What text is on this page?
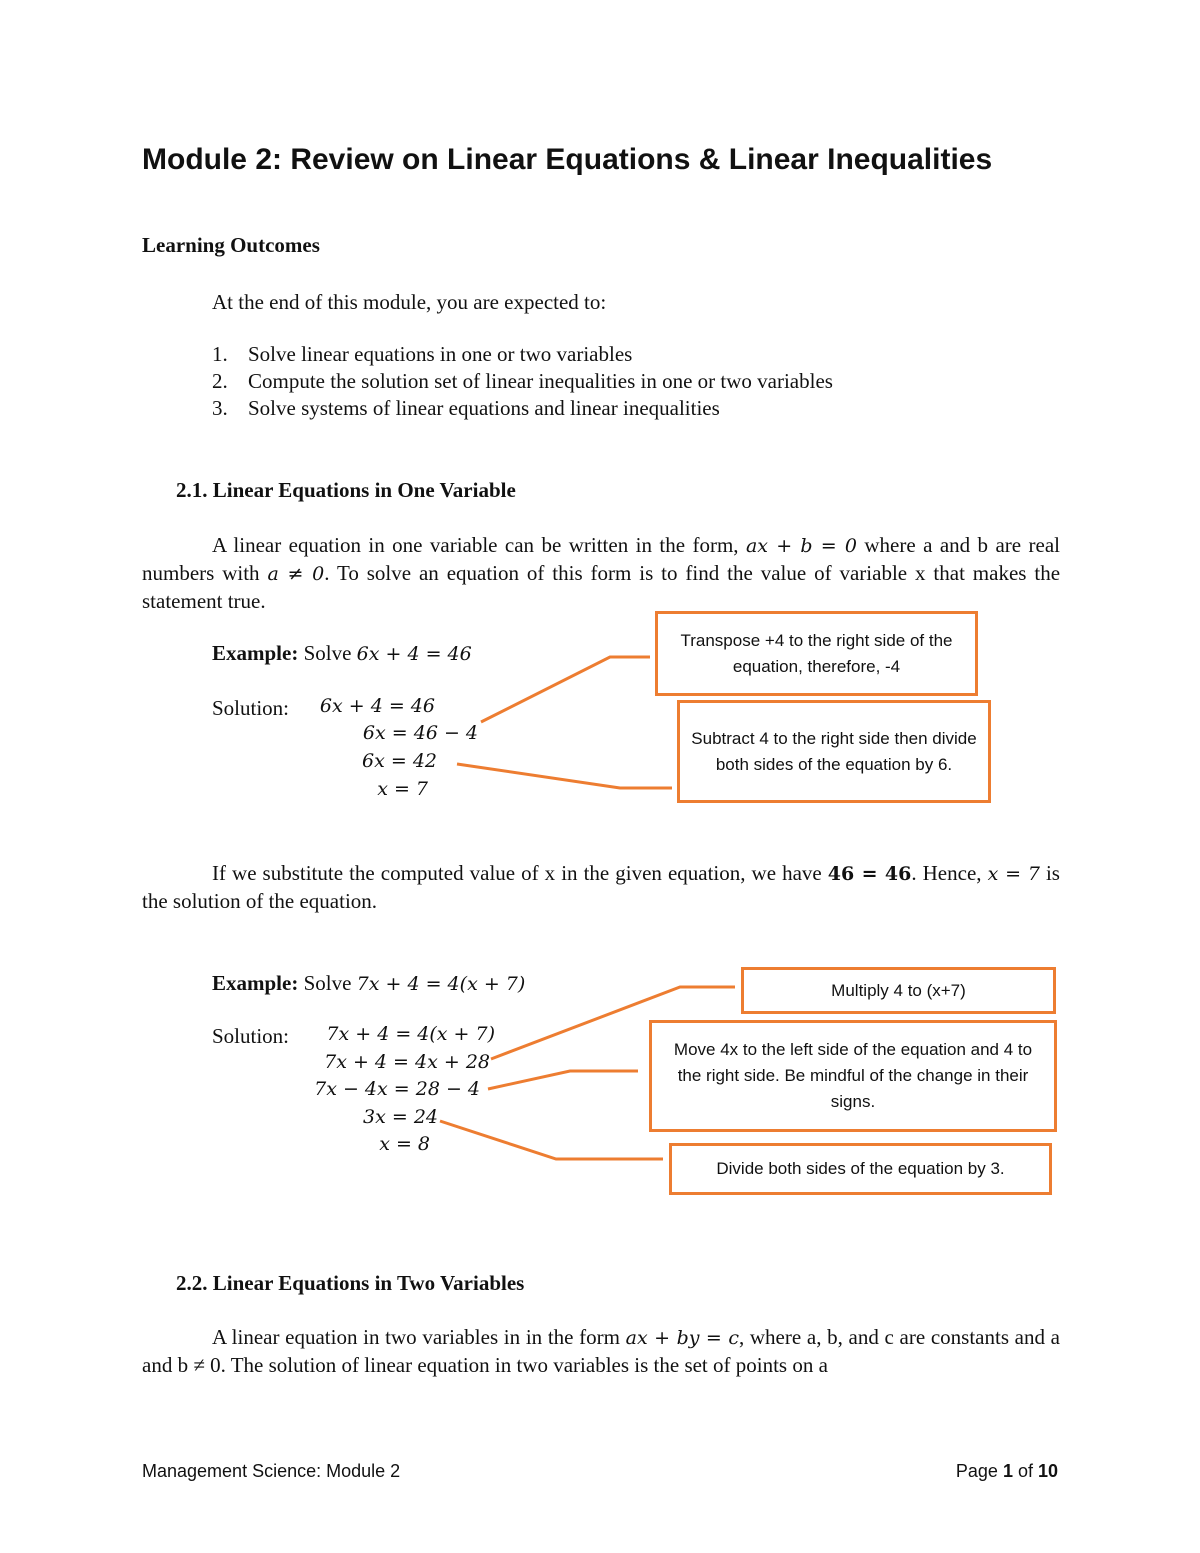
Module 2: Review on Linear Equations & Linear Inequalities
Learning Outcomes
At the end of this module, you are expected to:
1. Solve linear equations in one or two variables
2. Compute the solution set of linear inequalities in one or two variables
3. Solve systems of linear equations and linear inequalities
2.1. Linear Equations in One Variable
A linear equation in one variable can be written in the form, ax + b = 0 where a and b are real numbers with a ≠ 0. To solve an equation of this form is to find the value of variable x that makes the statement true.
Example: Solve 6x + 4 = 46
Solution:	6x + 4 = 46
6x = 46 − 4
6x = 42
x = 7
Transpose +4 to the right side of the equation, therefore, -4
Subtract 4 to the right side then divide both sides of the equation by 6.
If we substitute the computed value of x in the given equation, we have 46 = 46. Hence, x = 7 is the solution of the equation.
Example: Solve 7x + 4 = 4(x + 7)
Solution:	7x + 4 = 4(x + 7)
7x + 4 = 4x + 28
7x − 4x = 28 − 4
3x = 24
x = 8
Multiply 4 to (x+7)
Move 4x to the left side of the equation and 4 to the right side. Be mindful of the change in their signs.
Divide both sides of the equation by 3.
2.2. Linear Equations in Two Variables
A linear equation in two variables in in the form ax + by = c, where a, b, and c are constants and a and b ≠ 0. The solution of linear equation in two variables is the set of points on a
Management Science: Module 2	Page 1 of 10
